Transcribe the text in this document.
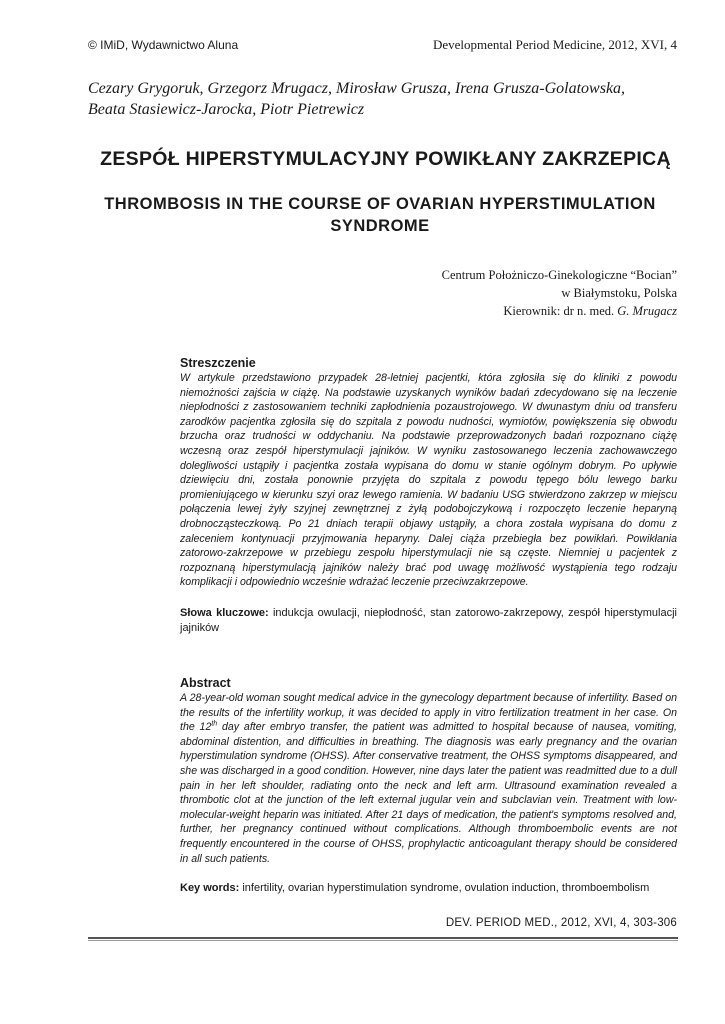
© IMiD, Wydawnictwo Aluna	Developmental Period Medicine, 2012, XVI, 4
Cezary Grygoruk, Grzegorz Mrugacz, Mirosław Grusza, Irena Grusza-Golatowska,
Beata Stasiewicz-Jarocka, Piotr Pietrewicz
ZESPÓŁ HIPERSTYMULACYJNY POWIKŁANY ZAKRZEPICĄ
THROMBOSIS IN THE COURSE OF OVARIAN HYPERSTIMULATION
SYNDROME
Centrum Położniczo-Ginekologiczne “Bocian”
w Białymstoku, Polska
Kierownik: dr n. med. G. Mrugacz
Streszczenie
W artykule przedstawiono przypadek 28-letniej pacjentki, która zgłosiła się do kliniki z powodu niemożności zajścia w ciążę. Na podstawie uzyskanych wyników badań zdecydowano się na leczenie niepłodności z zastosowaniem techniki zapłodnienia pozaustrojowego. W dwunastym dniu od transferu zarodków pacjentka zgłosiła się do szpitala z powodu nudności, wymiotów, powiększenia się obwodu brzucha oraz trudności w oddychaniu. Na podstawie przeprowadzonych badań rozpoznano ciążę wczesną oraz zespół hiperstymulacji jajników. W wyniku zastosowanego leczenia zachowawczego dolegliwości ustąpiły i pacjentka została wypisana do domu w stanie ogólnym dobrym. Po upływie dziewięciu dni, została ponownie przyjęta do szpitala z powodu tępego bólu lewego barku promieniującego w kierunku szyi oraz lewego ramienia. W badaniu USG stwierdzono zakrzep w miejscu połączenia lewej żyły szyjnej zewnętrznej z żyłą podobojczykową i rozpoczęto leczenie heparyną drobnocząsteczkową. Po 21 dniach terapii objawy ustąpiły, a chora została wypisana do domu z zaleceniem kontynuacji przyjmowania heparyny. Dalej ciąża przebiegła bez powikłań. Powikłania zatorowo-zakrzepowe w przebiegu zespołu hiperstymulacji nie są częste. Niemniej u pacjentek z rozpoznaną hiperstymulacją jajników należy brać pod uwagę możliwość wystąpienia tego rodzaju komplikacji i odpowiednio wcześnie wdrażać leczenie przeciwzakrzepowe.
Słowa kluczowe: indukcja owulacji, niepłodność, stan zatorowo-zakrzepowy, zespół hiperstymulacji jajników
Abstract
A 28-year-old woman sought medical advice in the gynecology department because of infertility. Based on the results of the infertility workup, it was decided to apply in vitro fertilization treatment in her case. On the 12th day after embryo transfer, the patient was admitted to hospital because of nausea, vomiting, abdominal distention, and difficulties in breathing. The diagnosis was early pregnancy and the ovarian hyperstimulation syndrome (OHSS). After conservative treatment, the OHSS symptoms disappeared, and she was discharged in a good condition. However, nine days later the patient was readmitted due to a dull pain in her left shoulder, radiating onto the neck and left arm. Ultrasound examination revealed a thrombotic clot at the junction of the left external jugular vein and subclavian vein. Treatment with low-molecular-weight heparin was initiated. After 21 days of medication, the patient's symptoms resolved and, further, her pregnancy continued without complications. Although thromboembolic events are not frequently encountered in the course of OHSS, prophylactic anticoagulant therapy should be considered in all such patients.
Key words: infertility, ovarian hyperstimulation syndrome, ovulation induction, thromboembolism
DEV. PERIOD MED., 2012, XVI, 4, 303-306
